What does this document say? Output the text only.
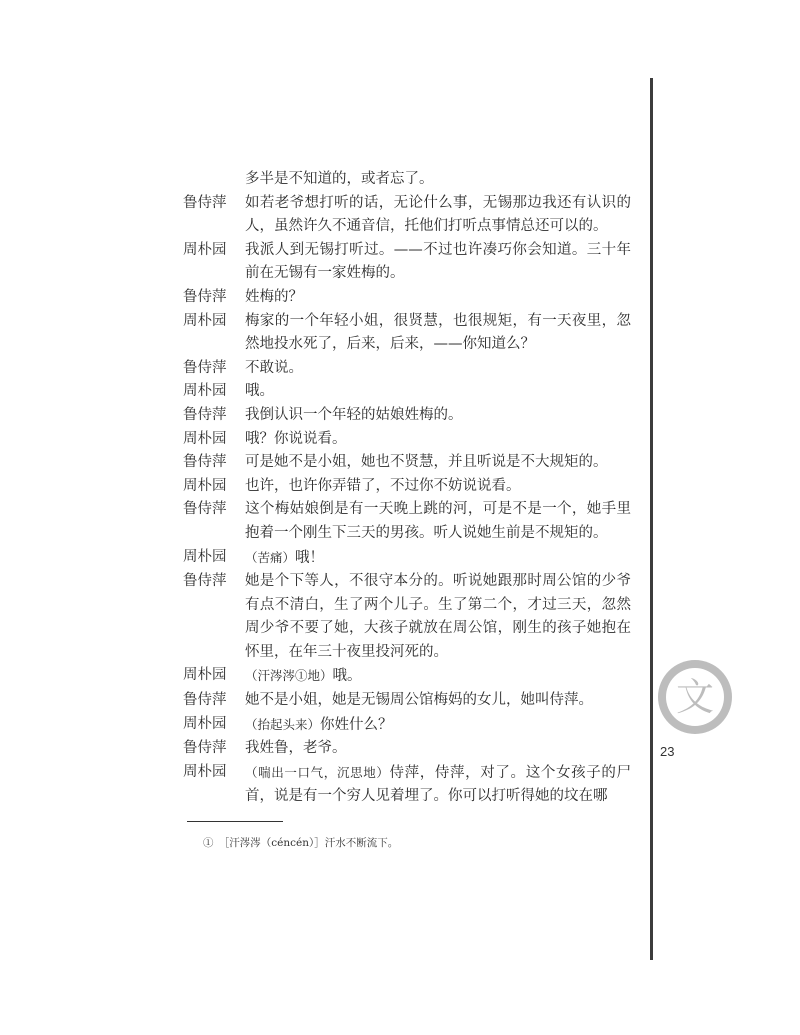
多半是不知道的，或者忘了。
鲁侍萍	如若老爷想打听的话，无论什么事，无锡那边我还有认识的人，虽然许久不通音信，托他们打听点事情总还可以的。
周朴园	我派人到无锡打听过。——不过也许凑巧你会知道。三十年前在无锡有一家姓梅的。
鲁侍萍	姓梅的？
周朴园	梅家的一个年轻小姐，很贤慧，也很规矩，有一天夜里，忽然地投水死了，后来，后来，——你知道么？
鲁侍萍	不敢说。
周朴园	哦。
鲁侍萍	我倒认识一个年轻的姑娘姓梅的。
周朴园	哦？你说说看。
鲁侍萍	可是她不是小姐，她也不贤慧，并且听说是不大规矩的。
周朴园	也许，也许你弄错了，不过你不妨说说看。
鲁侍萍	这个梅姑娘倒是有一天晚上跳的河，可是不是一个，她手里抱着一个刚生下三天的男孩。听人说她生前是不规矩的。
周朴园	（苦痛）哦！
鲁侍萍	她是个下等人，不很守本分的。听说她跟那时周公馆的少爷有点不清白，生了两个儿子。生了第二个，才过三天，忽然周少爷不要了她，大孩子就放在周公馆，刚生的孩子她抱在怀里，在年三十夜里投河死的。
周朴园	（汗涔涔①地）哦。
鲁侍萍	她不是小姐，她是无锡周公馆梅妈的女儿，她叫侍萍。
周朴园	（抬起头来）你姓什么？
鲁侍萍	我姓鲁，老爷。
周朴园	（喘出一口气，沉思地）侍萍，侍萍，对了。这个女孩子的尸首，说是有一个穷人见着埋了。你可以打听得她的坟在哪
文
23
①　［汗涔涔（céncén）］汗水不断流下。
